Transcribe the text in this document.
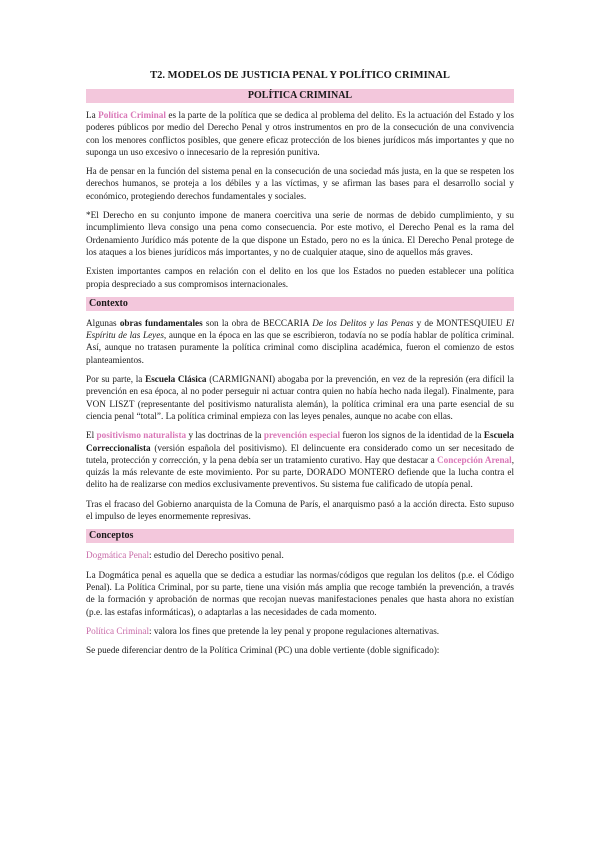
T2. MODELOS DE JUSTICIA PENAL Y POLÍTICO CRIMINAL
POLÍTICA CRIMINAL

La Política Criminal es la parte de la política que se dedica al problema del delito. Es la actuación del Estado y los poderes públicos por medio del Derecho Penal y otros instrumentos en pro de la consecución de una convivencia con los menores conflictos posibles, que genere eficaz protección de los bienes jurídicos más importantes y que no suponga un uso excesivo o innecesario de la represión punitiva.

Ha de pensar en la función del sistema penal en la consecución de una sociedad más justa, en la que se respeten los derechos humanos, se proteja a los débiles y a las víctimas, y se afirman las bases para el desarrollo social y económico, protegiendo derechos fundamentales y sociales.

*El Derecho en su conjunto impone de manera coercitiva una serie de normas de debido cumplimiento, y su incumplimiento lleva consigo una pena como consecuencia. Por este motivo, el Derecho Penal es la rama del Ordenamiento Jurídico más potente de la que dispone un Estado, pero no es la única. El Derecho Penal protege de los ataques a los bienes jurídicos más importantes, y no de cualquier ataque, sino de aquellos más graves.

Existen importantes campos en relación con el delito en los que los Estados no pueden establecer una política propia despreciado a sus compromisos internacionales.

Contexto

Algunas obras fundamentales son la obra de BECCARIA De los Delitos y las Penas y de MONTESQUIEU El Espíritu de las Leyes, aunque en la época en las que se escribieron, todavía no se podía hablar de política criminal. Así, aunque no tratasen puramente la política criminal como disciplina académica, fueron el comienzo de estos planteamientos.

Por su parte, la Escuela Clásica (CARMIGNANI) abogaba por la prevención, en vez de la represión (era difícil la prevención en esa época, al no poder perseguir ni actuar contra quien no había hecho nada ilegal). Finalmente, para VON LISZT (representante del positivismo naturalista alemán), la política criminal era una parte esencial de su ciencia penal “total”. La política criminal empieza con las leyes penales, aunque no acabe con ellas.

El positivismo naturalista y las doctrinas de la prevención especial fueron los signos de la identidad de la Escuela Correccionalista (versión española del positivismo). El delincuente era considerado como un ser necesitado de tutela, protección y corrección, y la pena debía ser un tratamiento curativo. Hay que destacar a Concepción Arenal, quizás la más relevante de este movimiento. Por su parte, DORADO MONTERO defiende que la lucha contra el delito ha de realizarse con medios exclusivamente preventivos. Su sistema fue calificado de utopía penal.

Tras el fracaso del Gobierno anarquista de la Comuna de París, el anarquismo pasó a la acción directa. Esto supuso el impulso de leyes enormemente represivas.

Conceptos

Dogmática Penal: estudio del Derecho positivo penal.

La Dogmática penal es aquella que se dedica a estudiar las normas/códigos que regulan los delitos (p.e. el Código Penal). La Política Criminal, por su parte, tiene una visión más amplia que recoge también la prevención, a través de la formación y aprobación de normas que recojan nuevas manifestaciones penales que hasta ahora no existían (p.e. las estafas informáticas), o adaptarlas a las necesidades de cada momento.

Política Criminal: valora los fines que pretende la ley penal y propone regulaciones alternativas.

Se puede diferenciar dentro de la Política Criminal (PC) una doble vertiente (doble significado):
